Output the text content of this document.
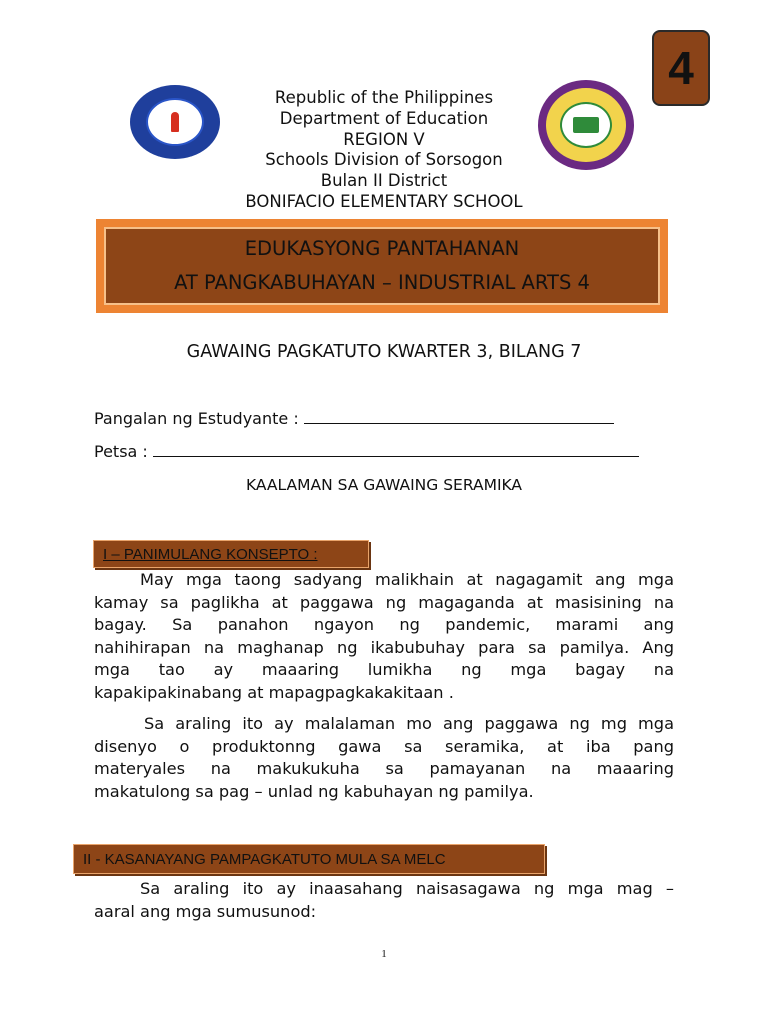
4
Republic of the Philippines
Department of Education
REGION V
Schools Division of Sorsogon
Bulan II District
BONIFACIO ELEMENTARY SCHOOL
EDUKASYONG PANTAHANAN
AT PANGKABUHAYAN – INDUSTRIAL ARTS 4
GAWAING PAGKATUTO KWARTER 3, BILANG 7
Pangalan ng Estudyante :
Petsa :
KAALAMAN SA GAWAING SERAMIKA
I – PANIMULANG KONSEPTO :
May mga taong sadyang malikhain at nagagamit ang mga
kamay sa paglikha at paggawa ng magaganda at masisining na
bagay. Sa panahon ngayon ng pandemic, marami ang
nahihirapan na maghanap ng ikabubuhay para sa pamilya. Ang
mga tao ay maaaring lumikha ng mga bagay na
kapakipakinabang at mapagpagkakakitaan .
Sa araling ito ay malalaman mo ang paggawa ng mg mga
disenyo o produktonng gawa sa seramika, at iba pang
materyales na makukukuha sa pamayanan na maaaring
makatulong sa pag – unlad ng kabuhayan ng pamilya.
II - KASANAYANG PAMPAGKATUTO MULA SA MELC
Sa araling ito ay inaasahang naisasagawa ng mga mag –
aaral ang mga sumusunod:
1
